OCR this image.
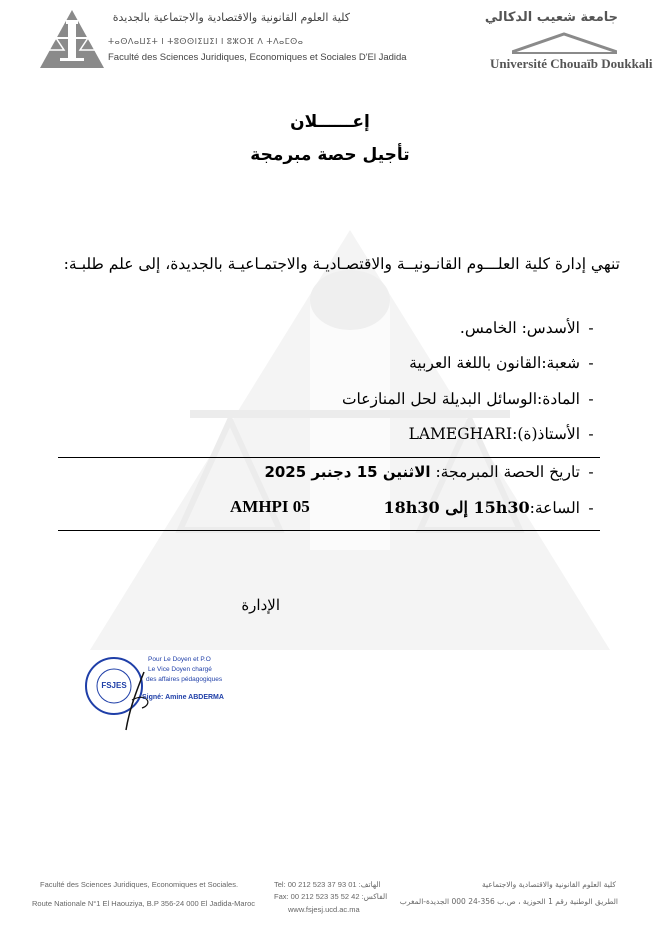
كلية العلوم القانونية والاقتصادية والاجتماعية بالجديدة
ⵜⴰⵙⴷⴰⵡⵉⵜ ⵏ ⵜⵓⵙⵙⵏⵉⵡⵉⵏ ⵏ ⵓⵣⵔⴼ ⴷ ⵜⴷⴰⵎⵙⴰ
Faculté des Sciences Juridiques, Economiques et Sociales D'El Jadida
جامعة شعيب الدكالي
Université Chouaïb Doukkali
إعــــــلان
تأجيل حصة مبرمجة
تنهي إدارة كلية العلـــوم القانـونيــة والاقتصـاديـة والاجتمـاعيـة بالجديدة، إلى علم طلبـة:
-الأسدس: الخامس.
-شعبة:القانون باللغة العربية
-المادة:الوسائل البديلة لحل المنازعات
-الأستاذ(ة):LAMEGHARI
-تاريخ الحصة المبرمجة: الاثنين 15 دجنبر 2025
-الساعة:15h30 إلى 18h30
AMHPI 05
الإدارة
FSJES
Pour Le Doyen et P.O
Le Vice Doyen chargé
des affaires pédagogiques
Signé: Amine ABDERMA
Faculté des Sciences Juridiques, Economiques et Sociales.
Route Nationale N°1 El Haouziya, B.P 356-24 000 El Jadida-Maroc
Tel: 00 212 523 37 93 01 :الهاتف
Fax: 00 212 523 35 52 42 :الفاكس
www.fsjesj.ucd.ac.ma
كلية العلوم القانونية والاقتصادية والاجتماعية
الطريق الوطنية رقم 1 الحوزية ، ص.ب 356-24 000 الجديدة-المغرب
